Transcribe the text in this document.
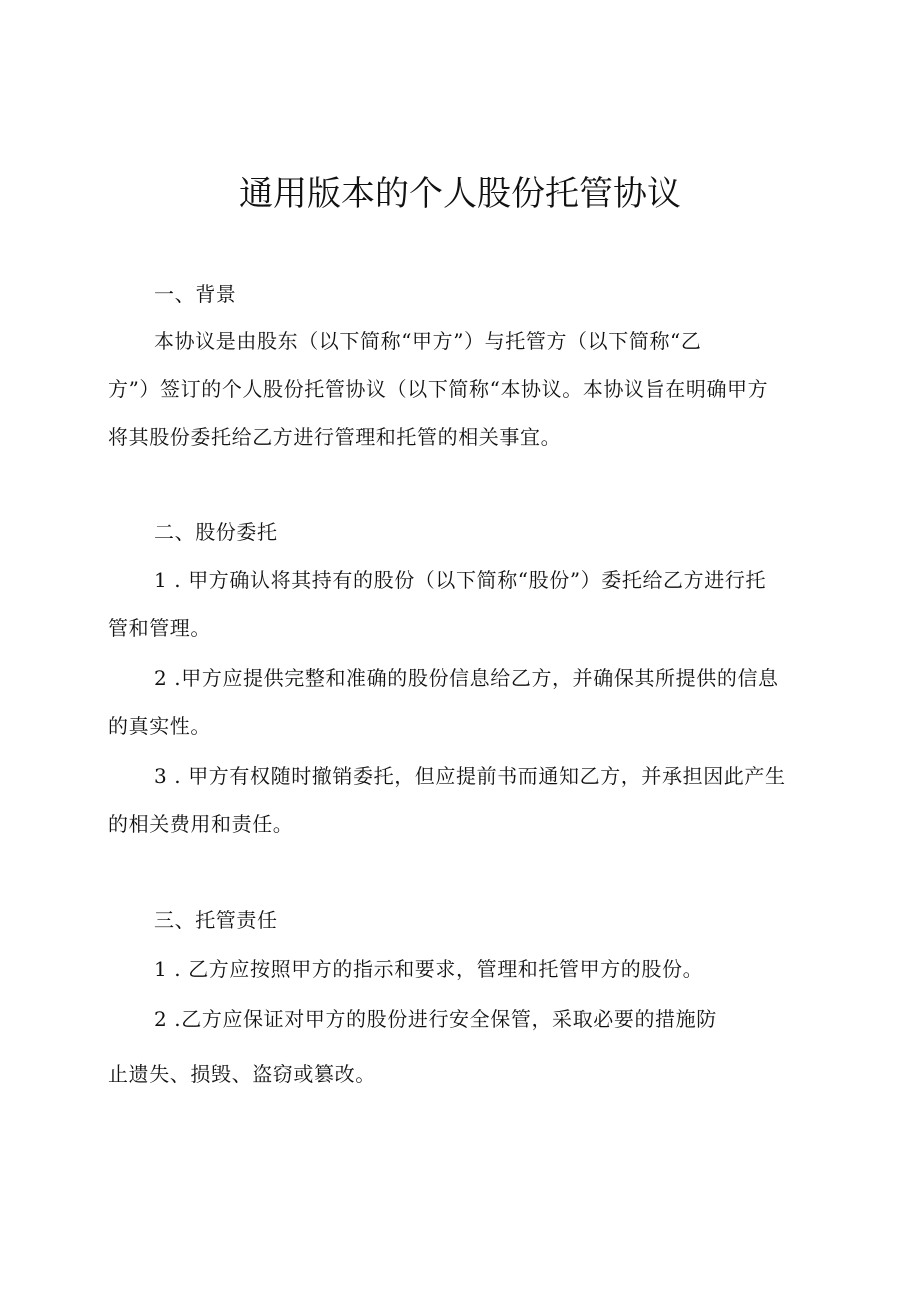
通用版本的个人股份托管协议
一、背景
本协议是由股东（以下简称“甲方”）与托管方（以下简称“乙
方”）签订的个人股份托管协议（以下简称“本协议。本协议旨在明确甲方
将其股份委托给乙方进行管理和托管的相关事宜。
二、股份委托
1 . 甲方确认将其持有的股份（以下简称“股份”）委托给乙方进行托
管和管理。
2 .甲方应提供完整和准确的股份信息给乙方，并确保其所提供的信息
的真实性。
3 . 甲方有权随时撤销委托，但应提前书而通知乙方，并承担因此产生
的相关费用和责任。
三、托管责任
1 . 乙方应按照甲方的指示和要求，管理和托管甲方的股份。
2 .乙方应保证对甲方的股份进行安全保管，采取必要的措施防
止遗失、损毁、盗窃或篡改。
